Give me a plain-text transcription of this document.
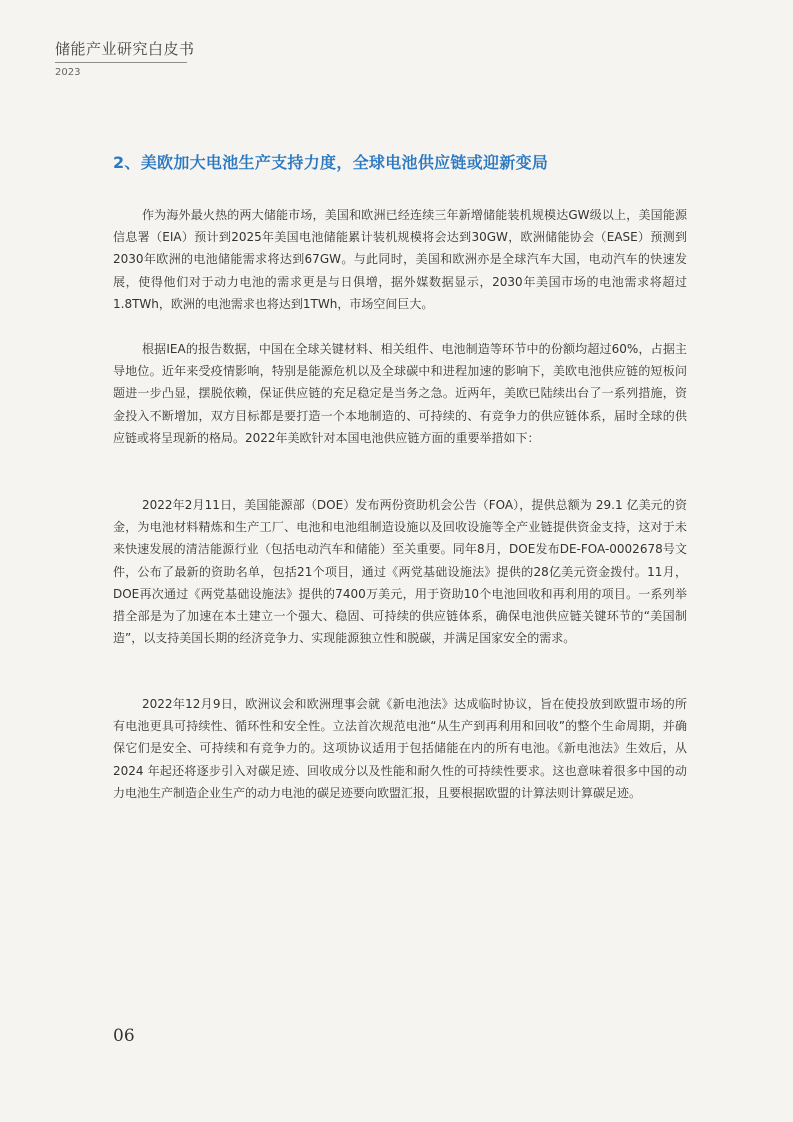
储能产业研究白皮书
2023
2、美欧加大电池生产支持力度，全球电池供应链或迎新变局

作为海外最火热的两大储能市场，美国和欧洲已经连续三年新增储能装机规模达GW级以上，美国能源信息署（EIA）预计到2025年美国电池储能累计装机规模将会达到30GW，欧洲储能协会（EASE）预测到2030年欧洲的电池储能需求将达到67GW。与此同时，美国和欧洲亦是全球汽车大国，电动汽车的快速发展，使得他们对于动力电池的需求更是与日俱增，据外媒数据显示，2030年美国市场的电池需求将超过1.8TWh，欧洲的电池需求也将达到1TWh，市场空间巨大。

根据IEA的报告数据，中国在全球关键材料、相关组件、电池制造等环节中的份额均超过60%，占据主导地位。近年来受疫情影响，特别是能源危机以及全球碳中和进程加速的影响下，美欧电池供应链的短板问题进一步凸显，摆脱依赖，保证供应链的充足稳定是当务之急。近两年，美欧已陆续出台了一系列措施，资金投入不断增加，双方目标都是要打造一个本地制造的、可持续的、有竞争力的供应链体系，届时全球的供应链或将呈现新的格局。2022年美欧针对本国电池供应链方面的重要举措如下：

2022年2月11日，美国能源部（DOE）发布两份资助机会公告（FOA），提供总额为 29.1 亿美元的资金，为电池材料精炼和生产工厂、电池和电池组制造设施以及回收设施等全产业链提供资金支持，这对于未来快速发展的清洁能源行业（包括电动汽车和储能）至关重要。同年8月，DOE发布DE-FOA-0002678号文件，公布了最新的资助名单，包括21个项目，通过《两党基础设施法》提供的28亿美元资金拨付。11月，DOE再次通过《两党基础设施法》提供的7400万美元，用于资助10个电池回收和再利用的项目。一系列举措全部是为了加速在本土建立一个强大、稳固、可持续的供应链体系，确保电池供应链关键环节的“美国制造”，以支持美国长期的经济竞争力、实现能源独立性和脱碳，并满足国家安全的需求。

2022年12月9日，欧洲议会和欧洲理事会就《新电池法》达成临时协议，旨在使投放到欧盟市场的所有电池更具可持续性、循环性和安全性。立法首次规范电池“从生产到再利用和回收”的整个生命周期，并确保它们是安全、可持续和有竞争力的。这项协议适用于包括储能在内的所有电池。《新电池法》生效后，从 2024 年起还将逐步引入对碳足迹、回收成分以及性能和耐久性的可持续性要求。这也意味着很多中国的动力电池生产制造企业生产的动力电池的碳足迹要向欧盟汇报，且要根据欧盟的计算法则计算碳足迹。

06
